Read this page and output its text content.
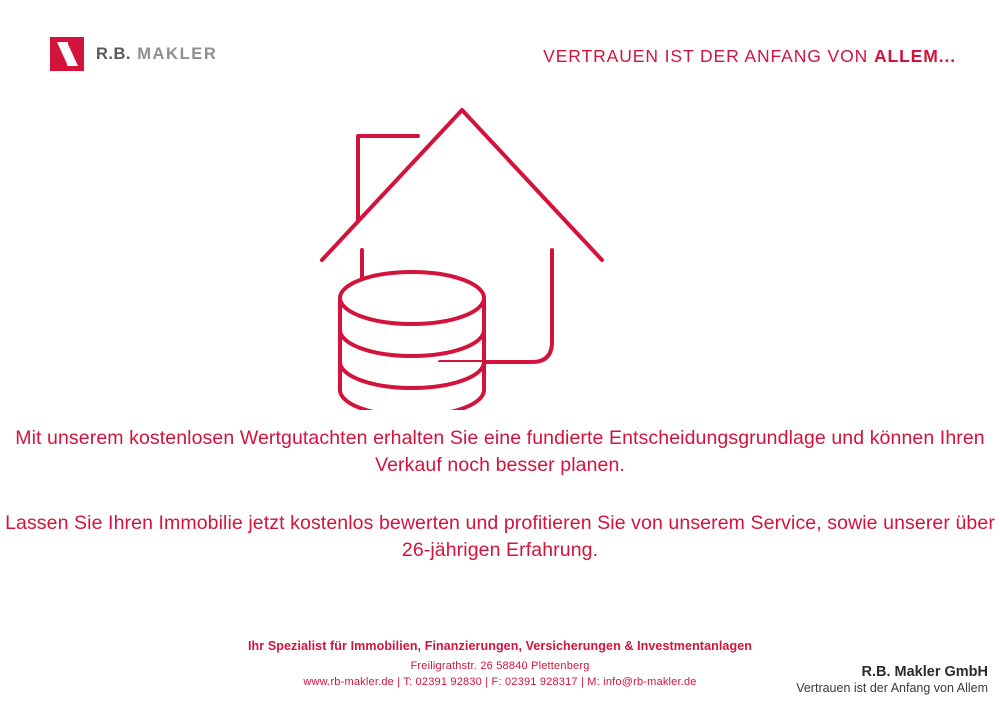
R.B. MAKLER	VERTRAUEN IST DER ANFANG VON ALLEM...

Mit unserem kostenlosen Wertgutachten erhalten Sie eine fundierte Entscheidungsgrundlage und können Ihren Verkauf noch besser planen.

Lassen Sie Ihren Immobilie jetzt kostenlos bewerten und profitieren Sie von unserem Service, sowie unserer über 26-jährigen Erfahrung.

Ihr Spezialist für Immobilien, Finanzierungen, Versicherungen & Investmentanlagen
Freiligrathstr. 26 58840 Plettenberg
www.rb-makler.de | T: 02391 92830 | F: 02391 928317 | M: info@rb-makler.de
R.B. Makler GmbH
Vertrauen ist der Anfang von Allem
